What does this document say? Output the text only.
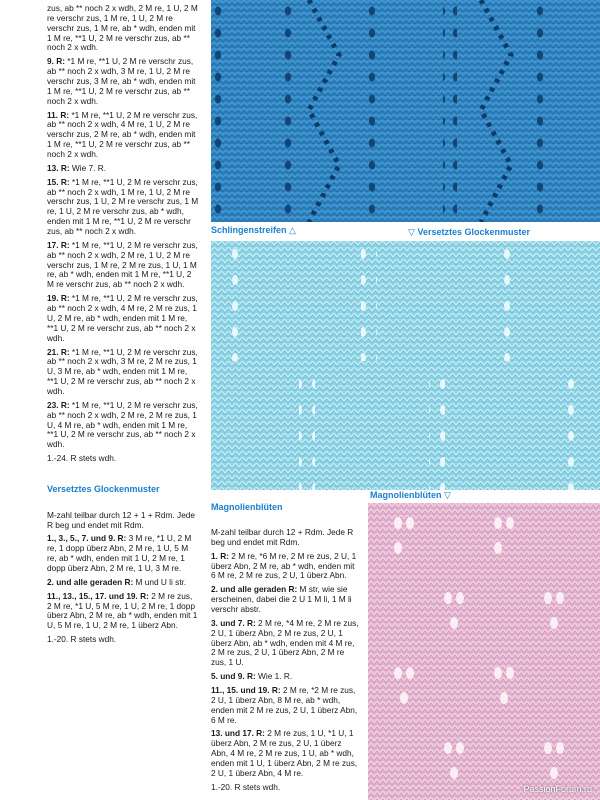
zus, ab ** noch 2 x wdh, 2 M re, 1 U, 2 M re verschr zus, 1 M re, 1 U, 2 M re verschr zus, 1 M re, ab * wdh, enden mit 1 M re, **1 U, 2 M re verschr zus, ab ** noch 2 x wdh.

9. R: *1 M re, **1 U, 2 M re verschr zus, ab ** noch 2 x wdh, 3 M re, 1 U, 2 M re verschr zus, 3 M re, ab * wdh, enden mit 1 M re, **1 U, 2 M re verschr zus, ab ** noch 2 x wdh.

11. R: *1 M re, **1 U, 2 M re verschr zus, ab ** noch 2 x wdh, 4 M re, 1 U, 2 M re verschr zus, 2 M re, ab * wdh, enden mit 1 M re, **1 U, 2 M re verschr zus, ab ** noch 2 x wdh.

13. R: Wie 7. R.

15. R: *1 M re, **1 U, 2 M re verschr zus, ab ** noch 2 x wdh, 1 M re, 1 U, 2 M re verschr zus, 1 U, 2 M re verschr zus, 1 M re, 1 U, 2 M re verschr zus, ab * wdh, enden mit 1 M re, **1 U, 2 M re verschr zus, ab ** noch 2 x wdh.

17. R: *1 M re, **1 U, 2 M re verschr zus, ab ** noch 2 x wdh, 2 M re, 1 U, 2 M re verschr zus, 1 M re, 2 M re zus, 1 U, 1 M re, ab * wdh, enden mit 1 M re, **1 U, 2 M re verschr zus, ab ** noch 2 x wdh.

19. R: *1 M re, **1 U, 2 M re verschr zus, ab ** noch 2 x wdh, 4 M re, 2 M re zus, 1 U, 2 M re, ab * wdh, enden mit 1 M re, **1 U, 2 M re verschr zus, ab ** noch 2 x wdh.

21. R: *1 M re, **1 U, 2 M re verschr zus, ab ** noch 2 x wdh, 3 M re, 2 M re zus, 1 U, 3 M re, ab * wdh, enden mit 1 M re, **1 U, 2 M re verschr zus, ab ** noch 2 x wdh.

23. R: *1 M re, **1 U, 2 M re verschr zus, ab ** noch 2 x wdh, 2 M re, 2 M re zus, 1 U, 4 M re, ab * wdh, enden mit 1 M re, **1 U, 2 M re verschr zus, ab ** noch 2 x wdh.

1.-24. R stets wdh.

Versetztes Glockenmuster

M-zahl teilbar durch 12 + 1 + Rdm. Jede R beg und endet mit Rdm.

1., 3., 5., 7. und 9. R: 3 M re, *1 U, 2 M re, 1 dopp überz Abn, 2 M re, 1 U, 5 M re, ab * wdh, enden mit 1 U, 2 M re, 1 dopp überz Abn, 2 M re, 1 U, 3 M re.

2. und alle geraden R: M und U li str.

11., 13., 15., 17. und 19. R: 2 M re zus, 2 M re, *1 U, 5 M re, 1 U, 2 M re, 1 dopp überz Abn, 2 M re, ab * wdh, enden mit 1 U, 5 M re, 1 U, 2 M re, 1 überz Abn.

1.-20. R stets wdh.

Schlingenstreifen △	▽ Versetztes Glockenmuster
Magnolienblüten

M-zahl teilbar durch 12 + Rdm. Jede R beg und endet mit Rdm.

1. R: 2 M re, *6 M re, 2 M re zus, 2 U, 1 überz Abn, 2 M re, ab * wdh, enden mit 6 M re, 2 M re zus, 2 U, 1 überz Abn.

2. und alle geraden R: M str, wie sie erscheinen, dabei die 2 U 1 M li, 1 M li verschr abstr.

3. und 7. R: 2 M re, *4 M re, 2 M re zus, 2 U, 1 überz Abn, 2 M re zus, 2 U, 1 überz Abn, ab * wdh, enden mit 4 M re, 2 M re zus, 2 U, 1 überz Abn, 2 M re zus, 1 U.

5. und 9. R: Wie 1. R.

11., 15. und 19. R: 2 M re, *2 M re zus, 2 U, 1 überz Abn, 8 M re, ab * wdh, enden mit 2 M re zus, 2 U, 1 überz Abn, 6 M re.

13. und 17. R: 2 M re zus, 1 U, *1 U, 1 überz Abn, 2 M re zus, 2 U, 1 überz Abn, 4 M re, 2 M re zus, 1 U, ab * wdh, enden mit 1 U, 1 überz Abn, 2 M re zus, 2 U, 1 überz Abn, 4 M re.

1.-20. R stets wdh.

Magnolienblüten ▽
PassionForum.ru
